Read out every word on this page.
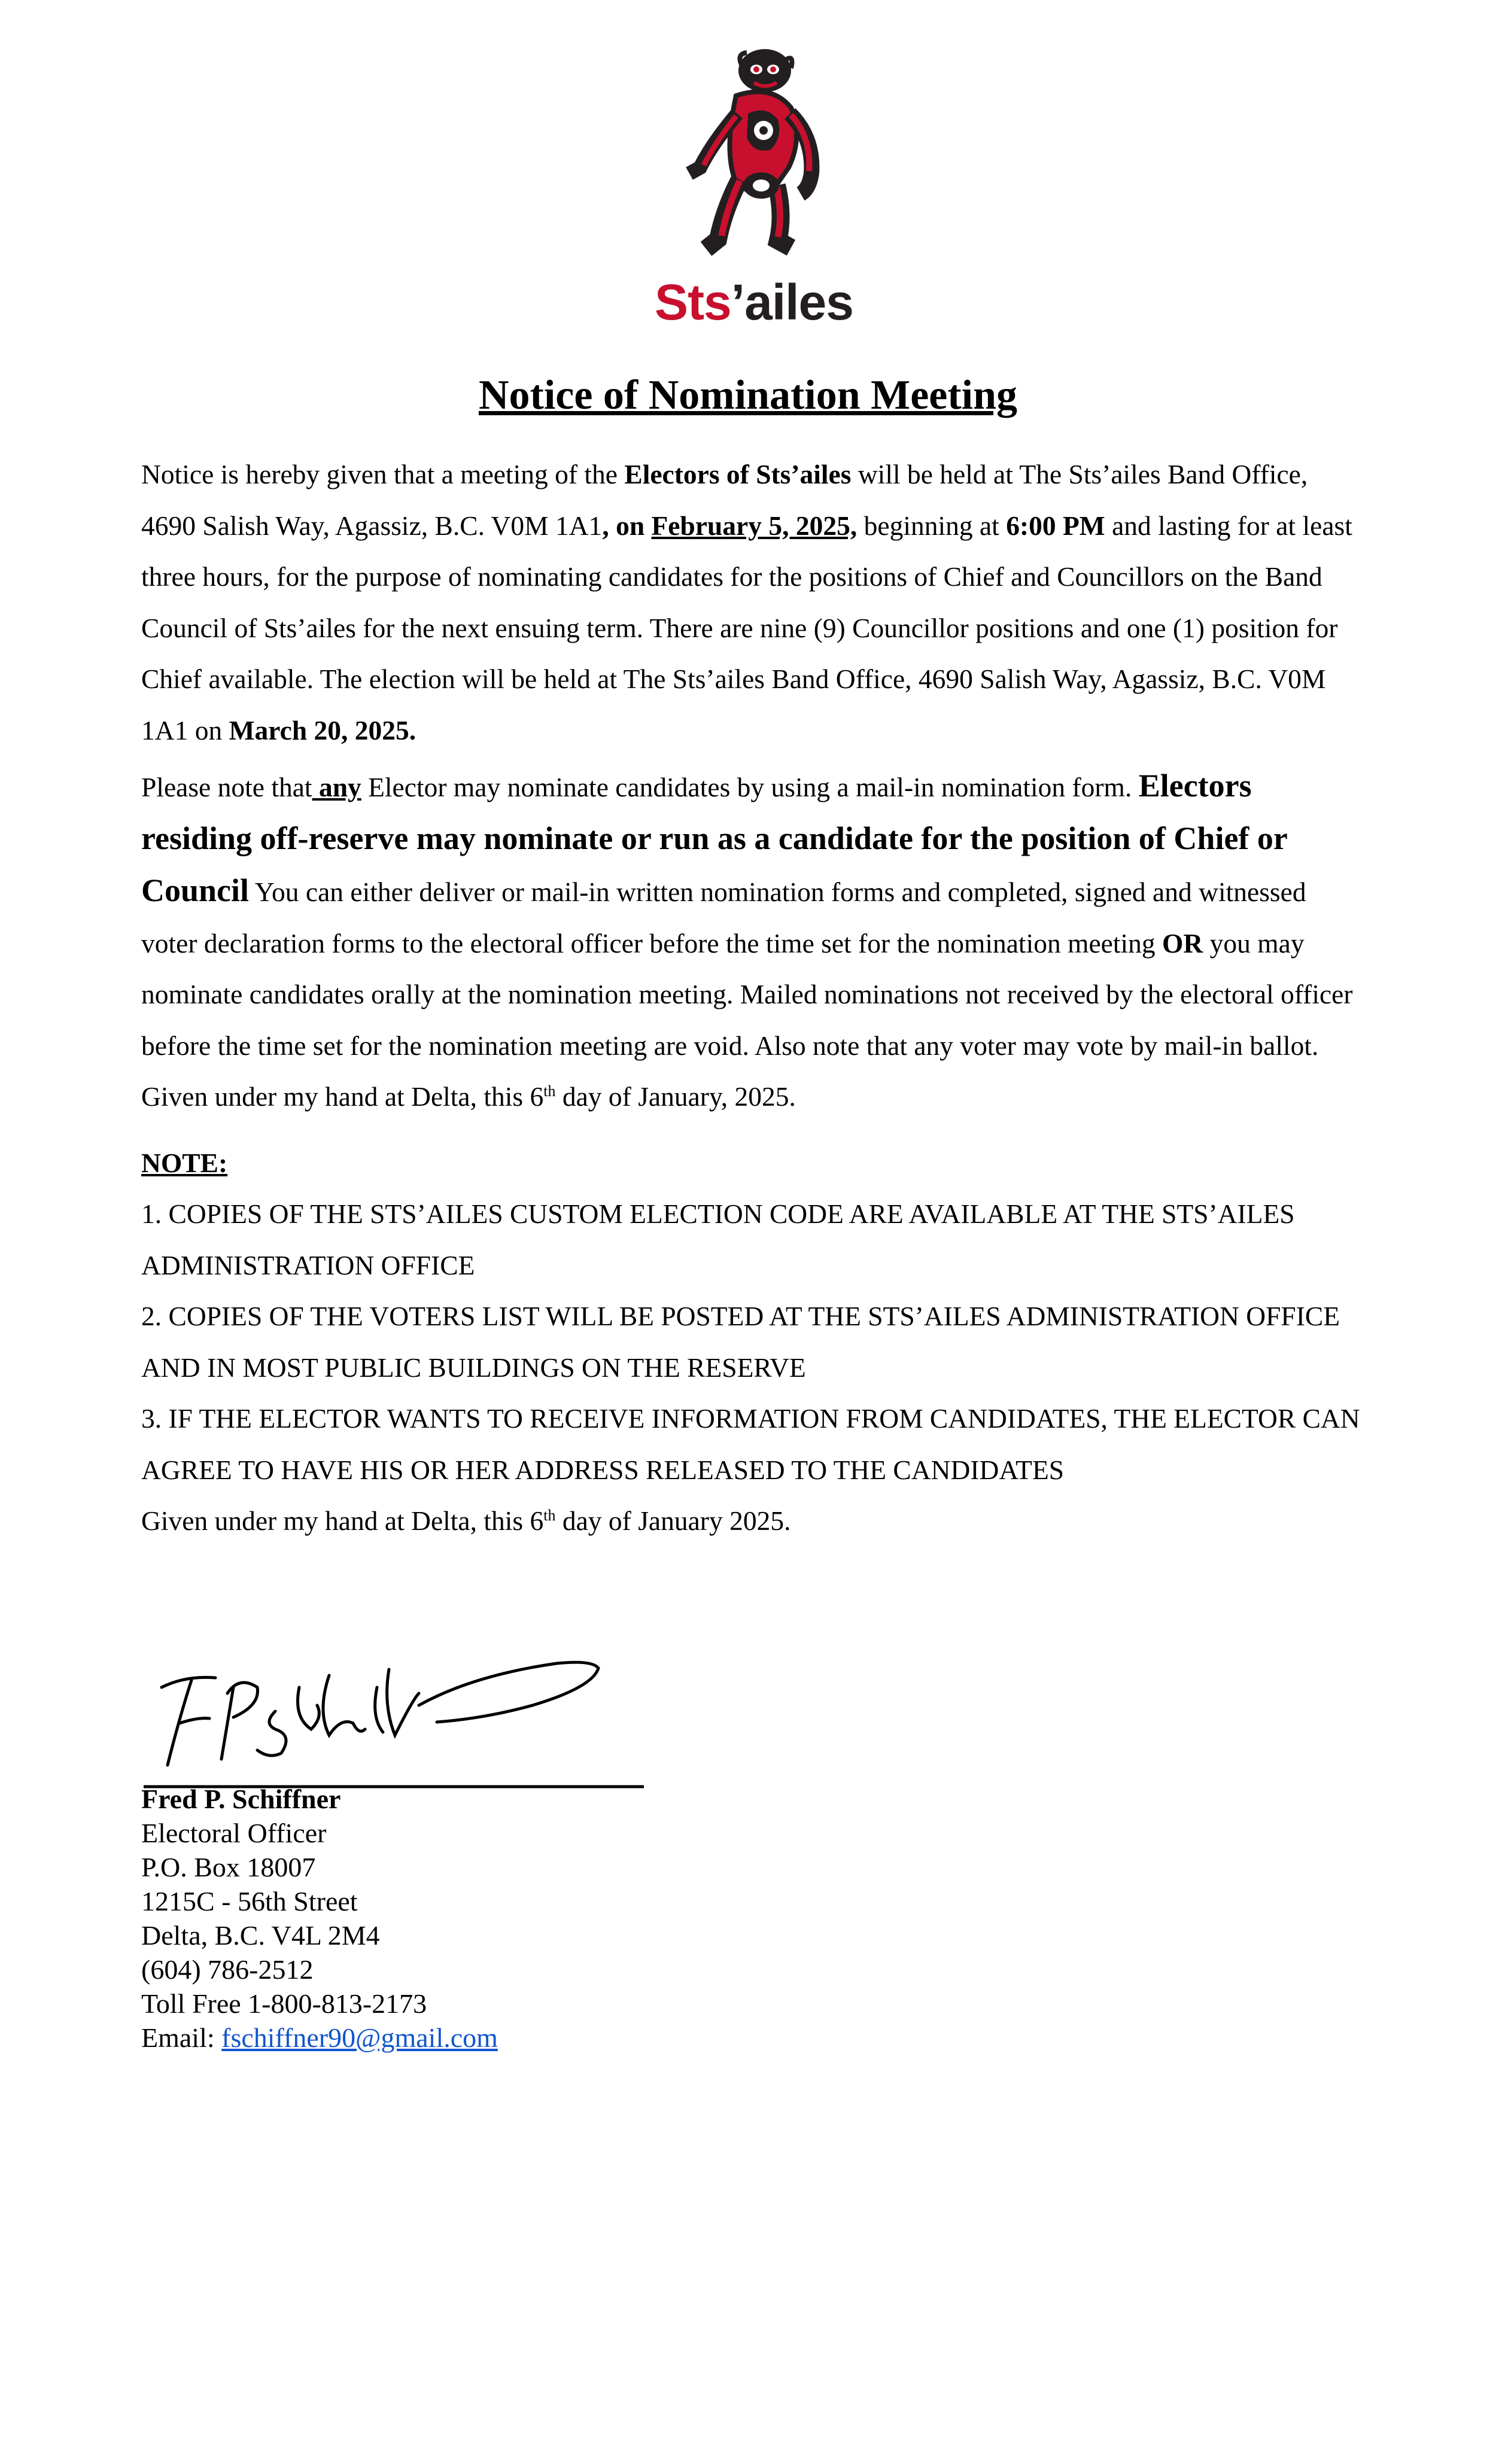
Sts’ailes
Notice of Nomination Meeting

Notice is hereby given that a meeting of the Electors of Sts’ailes will be held at The Sts’ailes Band Office, 4690 Salish Way, Agassiz, B.C. V0M 1A1, on February 5, 2025, beginning at 6:00 PM and lasting for at least three hours, for the purpose of nominating candidates for the positions of Chief and Councillors on the Band Council of Sts’ailes for the next ensuing term. There are nine (9) Councillor positions and one (1) position for Chief available. The election will be held at The Sts’ailes Band Office, 4690 Salish Way, Agassiz, B.C. V0M 1A1 on March 20, 2025.

Please note that any Elector may nominate candidates by using a mail-in nomination form. Electors residing off-reserve may nominate or run as a candidate for the position of Chief or Council You can either deliver or mail-in written nomination forms and completed, signed and witnessed voter declaration forms to the electoral officer before the time set for the nomination meeting OR you may nominate candidates orally at the nomination meeting. Mailed nominations not received by the electoral officer before the time set for the nomination meeting are void. Also note that any voter may vote by mail-in ballot.

Given under my hand at Delta, this 6th day of January, 2025.

NOTE:
1. COPIES OF THE STS’AILES CUSTOM ELECTION CODE ARE AVAILABLE AT THE STS’AILES ADMINISTRATION OFFICE
2. COPIES OF THE VOTERS LIST WILL BE POSTED AT THE STS’AILES ADMINISTRATION OFFICE AND IN MOST PUBLIC BUILDINGS ON THE RESERVE
3. IF THE ELECTOR WANTS TO RECEIVE INFORMATION FROM CANDIDATES, THE ELECTOR CAN AGREE TO HAVE HIS OR HER ADDRESS RELEASED TO THE CANDIDATES

Given under my hand at Delta, this 6th day of January 2025.

Fred P. Schiffner
Electoral Officer
P.O. Box 18007
1215C - 56th Street
Delta, B.C. V4L 2M4
(604) 786-2512
Toll Free 1-800-813-2173
Email: fschiffner90@gmail.com
